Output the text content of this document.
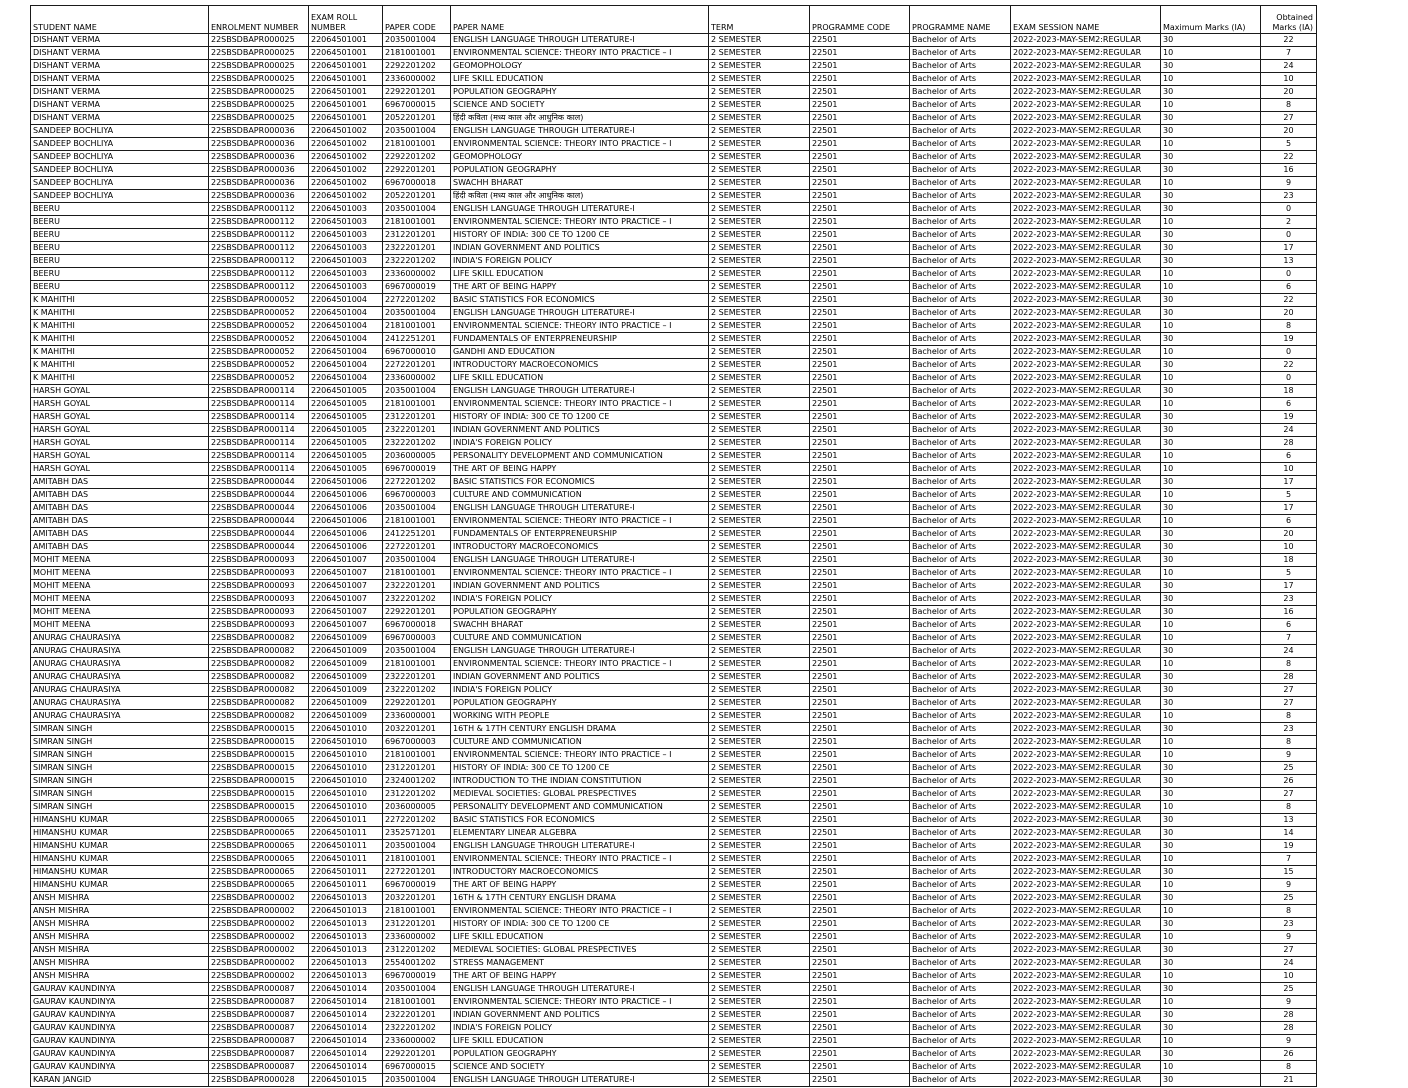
STUDENT NAME	ENROLMENT NUMBER	EXAM ROLL NUMBER	PAPER CODE	PAPER NAME	TERM	PROGRAMME CODE	PROGRAMME NAME	EXAM SESSION NAME	Maximum Marks (IA)	Obtained Marks (IA)
DISHANT VERMA	22SBSDBAPR000025	22064501001	2035001004	ENGLISH LANGUAGE THROUGH LITERATURE-I	2 SEMESTER	22501	Bachelor of Arts	2022-2023-MAY-SEM2:REGULAR	30	22
DISHANT VERMA	22SBSDBAPR000025	22064501001	2181001001	ENVIRONMENTAL SCIENCE: THEORY INTO PRACTICE – I	2 SEMESTER	22501	Bachelor of Arts	2022-2023-MAY-SEM2:REGULAR	10	7
DISHANT VERMA	22SBSDBAPR000025	22064501001	2292201202	GEOMOPHOLOGY	2 SEMESTER	22501	Bachelor of Arts	2022-2023-MAY-SEM2:REGULAR	30	24
DISHANT VERMA	22SBSDBAPR000025	22064501001	2336000002	LIFE SKILL EDUCATION	2 SEMESTER	22501	Bachelor of Arts	2022-2023-MAY-SEM2:REGULAR	10	10
DISHANT VERMA	22SBSDBAPR000025	22064501001	2292201201	POPULATION GEOGRAPHY	2 SEMESTER	22501	Bachelor of Arts	2022-2023-MAY-SEM2:REGULAR	30	20
DISHANT VERMA	22SBSDBAPR000025	22064501001	6967000015	SCIENCE AND SOCIETY	2 SEMESTER	22501	Bachelor of Arts	2022-2023-MAY-SEM2:REGULAR	10	8
DISHANT VERMA	22SBSDBAPR000025	22064501001	2052201201	हिंदी कविता (मध्य काल और आधुनिक काल)	2 SEMESTER	22501	Bachelor of Arts	2022-2023-MAY-SEM2:REGULAR	30	27
SANDEEP BOCHLIYA	22SBSDBAPR000036	22064501002	2035001004	ENGLISH LANGUAGE THROUGH LITERATURE-I	2 SEMESTER	22501	Bachelor of Arts	2022-2023-MAY-SEM2:REGULAR	30	20
SANDEEP BOCHLIYA	22SBSDBAPR000036	22064501002	2181001001	ENVIRONMENTAL SCIENCE: THEORY INTO PRACTICE – I	2 SEMESTER	22501	Bachelor of Arts	2022-2023-MAY-SEM2:REGULAR	10	5
SANDEEP BOCHLIYA	22SBSDBAPR000036	22064501002	2292201202	GEOMOPHOLOGY	2 SEMESTER	22501	Bachelor of Arts	2022-2023-MAY-SEM2:REGULAR	30	22
SANDEEP BOCHLIYA	22SBSDBAPR000036	22064501002	2292201201	POPULATION GEOGRAPHY	2 SEMESTER	22501	Bachelor of Arts	2022-2023-MAY-SEM2:REGULAR	30	16
SANDEEP BOCHLIYA	22SBSDBAPR000036	22064501002	6967000018	SWACHH BHARAT	2 SEMESTER	22501	Bachelor of Arts	2022-2023-MAY-SEM2:REGULAR	10	9
SANDEEP BOCHLIYA	22SBSDBAPR000036	22064501002	2052201201	हिंदी कविता (मध्य काल और आधुनिक काल)	2 SEMESTER	22501	Bachelor of Arts	2022-2023-MAY-SEM2:REGULAR	30	23
BEERU	22SBSDBAPR000112	22064501003	2035001004	ENGLISH LANGUAGE THROUGH LITERATURE-I	2 SEMESTER	22501	Bachelor of Arts	2022-2023-MAY-SEM2:REGULAR	30	0
BEERU	22SBSDBAPR000112	22064501003	2181001001	ENVIRONMENTAL SCIENCE: THEORY INTO PRACTICE – I	2 SEMESTER	22501	Bachelor of Arts	2022-2023-MAY-SEM2:REGULAR	10	2
BEERU	22SBSDBAPR000112	22064501003	2312201201	HISTORY OF INDIA: 300 CE TO 1200 CE	2 SEMESTER	22501	Bachelor of Arts	2022-2023-MAY-SEM2:REGULAR	30	0
BEERU	22SBSDBAPR000112	22064501003	2322201201	INDIAN GOVERNMENT AND POLITICS	2 SEMESTER	22501	Bachelor of Arts	2022-2023-MAY-SEM2:REGULAR	30	17
BEERU	22SBSDBAPR000112	22064501003	2322201202	INDIA'S FOREIGN POLICY	2 SEMESTER	22501	Bachelor of Arts	2022-2023-MAY-SEM2:REGULAR	30	13
BEERU	22SBSDBAPR000112	22064501003	2336000002	LIFE SKILL EDUCATION	2 SEMESTER	22501	Bachelor of Arts	2022-2023-MAY-SEM2:REGULAR	10	0
BEERU	22SBSDBAPR000112	22064501003	6967000019	THE ART OF BEING HAPPY	2 SEMESTER	22501	Bachelor of Arts	2022-2023-MAY-SEM2:REGULAR	10	6
K MAHITHI	22SBSDBAPR000052	22064501004	2272201202	BASIC STATISTICS FOR ECONOMICS	2 SEMESTER	22501	Bachelor of Arts	2022-2023-MAY-SEM2:REGULAR	30	22
K MAHITHI	22SBSDBAPR000052	22064501004	2035001004	ENGLISH LANGUAGE THROUGH LITERATURE-I	2 SEMESTER	22501	Bachelor of Arts	2022-2023-MAY-SEM2:REGULAR	30	20
K MAHITHI	22SBSDBAPR000052	22064501004	2181001001	ENVIRONMENTAL SCIENCE: THEORY INTO PRACTICE – I	2 SEMESTER	22501	Bachelor of Arts	2022-2023-MAY-SEM2:REGULAR	10	8
K MAHITHI	22SBSDBAPR000052	22064501004	2412251201	FUNDAMENTALS OF ENTERPRENEURSHIP	2 SEMESTER	22501	Bachelor of Arts	2022-2023-MAY-SEM2:REGULAR	30	19
K MAHITHI	22SBSDBAPR000052	22064501004	6967000010	GANDHI AND EDUCATION	2 SEMESTER	22501	Bachelor of Arts	2022-2023-MAY-SEM2:REGULAR	10	0
K MAHITHI	22SBSDBAPR000052	22064501004	2272201201	INTRODUCTORY MACROECONOMICS	2 SEMESTER	22501	Bachelor of Arts	2022-2023-MAY-SEM2:REGULAR	30	22
K MAHITHI	22SBSDBAPR000052	22064501004	2336000002	LIFE SKILL EDUCATION	2 SEMESTER	22501	Bachelor of Arts	2022-2023-MAY-SEM2:REGULAR	10	0
HARSH GOYAL	22SBSDBAPR000114	22064501005	2035001004	ENGLISH LANGUAGE THROUGH LITERATURE-I	2 SEMESTER	22501	Bachelor of Arts	2022-2023-MAY-SEM2:REGULAR	30	18
HARSH GOYAL	22SBSDBAPR000114	22064501005	2181001001	ENVIRONMENTAL SCIENCE: THEORY INTO PRACTICE – I	2 SEMESTER	22501	Bachelor of Arts	2022-2023-MAY-SEM2:REGULAR	10	6
HARSH GOYAL	22SBSDBAPR000114	22064501005	2312201201	HISTORY OF INDIA: 300 CE TO 1200 CE	2 SEMESTER	22501	Bachelor of Arts	2022-2023-MAY-SEM2:REGULAR	30	19
HARSH GOYAL	22SBSDBAPR000114	22064501005	2322201201	INDIAN GOVERNMENT AND POLITICS	2 SEMESTER	22501	Bachelor of Arts	2022-2023-MAY-SEM2:REGULAR	30	24
HARSH GOYAL	22SBSDBAPR000114	22064501005	2322201202	INDIA'S FOREIGN POLICY	2 SEMESTER	22501	Bachelor of Arts	2022-2023-MAY-SEM2:REGULAR	30	28
HARSH GOYAL	22SBSDBAPR000114	22064501005	2036000005	PERSONALITY DEVELOPMENT AND COMMUNICATION	2 SEMESTER	22501	Bachelor of Arts	2022-2023-MAY-SEM2:REGULAR	10	6
HARSH GOYAL	22SBSDBAPR000114	22064501005	6967000019	THE ART OF BEING HAPPY	2 SEMESTER	22501	Bachelor of Arts	2022-2023-MAY-SEM2:REGULAR	10	10
AMITABH DAS	22SBSDBAPR000044	22064501006	2272201202	BASIC STATISTICS FOR ECONOMICS	2 SEMESTER	22501	Bachelor of Arts	2022-2023-MAY-SEM2:REGULAR	30	17
AMITABH DAS	22SBSDBAPR000044	22064501006	6967000003	CULTURE AND COMMUNICATION	2 SEMESTER	22501	Bachelor of Arts	2022-2023-MAY-SEM2:REGULAR	10	5
AMITABH DAS	22SBSDBAPR000044	22064501006	2035001004	ENGLISH LANGUAGE THROUGH LITERATURE-I	2 SEMESTER	22501	Bachelor of Arts	2022-2023-MAY-SEM2:REGULAR	30	17
AMITABH DAS	22SBSDBAPR000044	22064501006	2181001001	ENVIRONMENTAL SCIENCE: THEORY INTO PRACTICE – I	2 SEMESTER	22501	Bachelor of Arts	2022-2023-MAY-SEM2:REGULAR	10	6
AMITABH DAS	22SBSDBAPR000044	22064501006	2412251201	FUNDAMENTALS OF ENTERPRENEURSHIP	2 SEMESTER	22501	Bachelor of Arts	2022-2023-MAY-SEM2:REGULAR	30	20
AMITABH DAS	22SBSDBAPR000044	22064501006	2272201201	INTRODUCTORY MACROECONOMICS	2 SEMESTER	22501	Bachelor of Arts	2022-2023-MAY-SEM2:REGULAR	30	10
MOHIT MEENA	22SBSDBAPR000093	22064501007	2035001004	ENGLISH LANGUAGE THROUGH LITERATURE-I	2 SEMESTER	22501	Bachelor of Arts	2022-2023-MAY-SEM2:REGULAR	30	18
MOHIT MEENA	22SBSDBAPR000093	22064501007	2181001001	ENVIRONMENTAL SCIENCE: THEORY INTO PRACTICE – I	2 SEMESTER	22501	Bachelor of Arts	2022-2023-MAY-SEM2:REGULAR	10	5
MOHIT MEENA	22SBSDBAPR000093	22064501007	2322201201	INDIAN GOVERNMENT AND POLITICS	2 SEMESTER	22501	Bachelor of Arts	2022-2023-MAY-SEM2:REGULAR	30	17
MOHIT MEENA	22SBSDBAPR000093	22064501007	2322201202	INDIA'S FOREIGN POLICY	2 SEMESTER	22501	Bachelor of Arts	2022-2023-MAY-SEM2:REGULAR	30	23
MOHIT MEENA	22SBSDBAPR000093	22064501007	2292201201	POPULATION GEOGRAPHY	2 SEMESTER	22501	Bachelor of Arts	2022-2023-MAY-SEM2:REGULAR	30	16
MOHIT MEENA	22SBSDBAPR000093	22064501007	6967000018	SWACHH BHARAT	2 SEMESTER	22501	Bachelor of Arts	2022-2023-MAY-SEM2:REGULAR	10	6
ANURAG CHAURASIYA	22SBSDBAPR000082	22064501009	6967000003	CULTURE AND COMMUNICATION	2 SEMESTER	22501	Bachelor of Arts	2022-2023-MAY-SEM2:REGULAR	10	7
ANURAG CHAURASIYA	22SBSDBAPR000082	22064501009	2035001004	ENGLISH LANGUAGE THROUGH LITERATURE-I	2 SEMESTER	22501	Bachelor of Arts	2022-2023-MAY-SEM2:REGULAR	30	24
ANURAG CHAURASIYA	22SBSDBAPR000082	22064501009	2181001001	ENVIRONMENTAL SCIENCE: THEORY INTO PRACTICE – I	2 SEMESTER	22501	Bachelor of Arts	2022-2023-MAY-SEM2:REGULAR	10	8
ANURAG CHAURASIYA	22SBSDBAPR000082	22064501009	2322201201	INDIAN GOVERNMENT AND POLITICS	2 SEMESTER	22501	Bachelor of Arts	2022-2023-MAY-SEM2:REGULAR	30	28
ANURAG CHAURASIYA	22SBSDBAPR000082	22064501009	2322201202	INDIA'S FOREIGN POLICY	2 SEMESTER	22501	Bachelor of Arts	2022-2023-MAY-SEM2:REGULAR	30	27
ANURAG CHAURASIYA	22SBSDBAPR000082	22064501009	2292201201	POPULATION GEOGRAPHY	2 SEMESTER	22501	Bachelor of Arts	2022-2023-MAY-SEM2:REGULAR	30	27
ANURAG CHAURASIYA	22SBSDBAPR000082	22064501009	2336000001	WORKING WITH PEOPLE	2 SEMESTER	22501	Bachelor of Arts	2022-2023-MAY-SEM2:REGULAR	10	8
SIMRAN SINGH	22SBSDBAPR000015	22064501010	2032201201	16TH & 17TH CENTURY ENGLISH DRAMA	2 SEMESTER	22501	Bachelor of Arts	2022-2023-MAY-SEM2:REGULAR	30	23
SIMRAN SINGH	22SBSDBAPR000015	22064501010	6967000003	CULTURE AND COMMUNICATION	2 SEMESTER	22501	Bachelor of Arts	2022-2023-MAY-SEM2:REGULAR	10	8
SIMRAN SINGH	22SBSDBAPR000015	22064501010	2181001001	ENVIRONMENTAL SCIENCE: THEORY INTO PRACTICE – I	2 SEMESTER	22501	Bachelor of Arts	2022-2023-MAY-SEM2:REGULAR	10	9
SIMRAN SINGH	22SBSDBAPR000015	22064501010	2312201201	HISTORY OF INDIA: 300 CE TO 1200 CE	2 SEMESTER	22501	Bachelor of Arts	2022-2023-MAY-SEM2:REGULAR	30	25
SIMRAN SINGH	22SBSDBAPR000015	22064501010	2324001202	INTRODUCTION TO THE INDIAN CONSTITUTION	2 SEMESTER	22501	Bachelor of Arts	2022-2023-MAY-SEM2:REGULAR	30	26
SIMRAN SINGH	22SBSDBAPR000015	22064501010	2312201202	MEDIEVAL SOCIETIES: GLOBAL PRESPECTIVES	2 SEMESTER	22501	Bachelor of Arts	2022-2023-MAY-SEM2:REGULAR	30	27
SIMRAN SINGH	22SBSDBAPR000015	22064501010	2036000005	PERSONALITY DEVELOPMENT AND COMMUNICATION	2 SEMESTER	22501	Bachelor of Arts	2022-2023-MAY-SEM2:REGULAR	10	8
HIMANSHU KUMAR	22SBSDBAPR000065	22064501011	2272201202	BASIC STATISTICS FOR ECONOMICS	2 SEMESTER	22501	Bachelor of Arts	2022-2023-MAY-SEM2:REGULAR	30	13
HIMANSHU KUMAR	22SBSDBAPR000065	22064501011	2352571201	ELEMENTARY LINEAR ALGEBRA	2 SEMESTER	22501	Bachelor of Arts	2022-2023-MAY-SEM2:REGULAR	30	14
HIMANSHU KUMAR	22SBSDBAPR000065	22064501011	2035001004	ENGLISH LANGUAGE THROUGH LITERATURE-I	2 SEMESTER	22501	Bachelor of Arts	2022-2023-MAY-SEM2:REGULAR	30	19
HIMANSHU KUMAR	22SBSDBAPR000065	22064501011	2181001001	ENVIRONMENTAL SCIENCE: THEORY INTO PRACTICE – I	2 SEMESTER	22501	Bachelor of Arts	2022-2023-MAY-SEM2:REGULAR	10	7
HIMANSHU KUMAR	22SBSDBAPR000065	22064501011	2272201201	INTRODUCTORY MACROECONOMICS	2 SEMESTER	22501	Bachelor of Arts	2022-2023-MAY-SEM2:REGULAR	30	15
HIMANSHU KUMAR	22SBSDBAPR000065	22064501011	6967000019	THE ART OF BEING HAPPY	2 SEMESTER	22501	Bachelor of Arts	2022-2023-MAY-SEM2:REGULAR	10	9
ANSH MISHRA	22SBSDBAPR000002	22064501013	2032201201	16TH & 17TH CENTURY ENGLISH DRAMA	2 SEMESTER	22501	Bachelor of Arts	2022-2023-MAY-SEM2:REGULAR	30	25
ANSH MISHRA	22SBSDBAPR000002	22064501013	2181001001	ENVIRONMENTAL SCIENCE: THEORY INTO PRACTICE – I	2 SEMESTER	22501	Bachelor of Arts	2022-2023-MAY-SEM2:REGULAR	10	8
ANSH MISHRA	22SBSDBAPR000002	22064501013	2312201201	HISTORY OF INDIA: 300 CE TO 1200 CE	2 SEMESTER	22501	Bachelor of Arts	2022-2023-MAY-SEM2:REGULAR	30	23
ANSH MISHRA	22SBSDBAPR000002	22064501013	2336000002	LIFE SKILL EDUCATION	2 SEMESTER	22501	Bachelor of Arts	2022-2023-MAY-SEM2:REGULAR	10	9
ANSH MISHRA	22SBSDBAPR000002	22064501013	2312201202	MEDIEVAL SOCIETIES: GLOBAL PRESPECTIVES	2 SEMESTER	22501	Bachelor of Arts	2022-2023-MAY-SEM2:REGULAR	30	27
ANSH MISHRA	22SBSDBAPR000002	22064501013	2554001202	STRESS MANAGEMENT	2 SEMESTER	22501	Bachelor of Arts	2022-2023-MAY-SEM2:REGULAR	30	24
ANSH MISHRA	22SBSDBAPR000002	22064501013	6967000019	THE ART OF BEING HAPPY	2 SEMESTER	22501	Bachelor of Arts	2022-2023-MAY-SEM2:REGULAR	10	10
GAURAV KAUNDINYA	22SBSDBAPR000087	22064501014	2035001004	ENGLISH LANGUAGE THROUGH LITERATURE-I	2 SEMESTER	22501	Bachelor of Arts	2022-2023-MAY-SEM2:REGULAR	30	25
GAURAV KAUNDINYA	22SBSDBAPR000087	22064501014	2181001001	ENVIRONMENTAL SCIENCE: THEORY INTO PRACTICE – I	2 SEMESTER	22501	Bachelor of Arts	2022-2023-MAY-SEM2:REGULAR	10	9
GAURAV KAUNDINYA	22SBSDBAPR000087	22064501014	2322201201	INDIAN GOVERNMENT AND POLITICS	2 SEMESTER	22501	Bachelor of Arts	2022-2023-MAY-SEM2:REGULAR	30	28
GAURAV KAUNDINYA	22SBSDBAPR000087	22064501014	2322201202	INDIA'S FOREIGN POLICY	2 SEMESTER	22501	Bachelor of Arts	2022-2023-MAY-SEM2:REGULAR	30	28
GAURAV KAUNDINYA	22SBSDBAPR000087	22064501014	2336000002	LIFE SKILL EDUCATION	2 SEMESTER	22501	Bachelor of Arts	2022-2023-MAY-SEM2:REGULAR	10	9
GAURAV KAUNDINYA	22SBSDBAPR000087	22064501014	2292201201	POPULATION GEOGRAPHY	2 SEMESTER	22501	Bachelor of Arts	2022-2023-MAY-SEM2:REGULAR	30	26
GAURAV KAUNDINYA	22SBSDBAPR000087	22064501014	6967000015	SCIENCE AND SOCIETY	2 SEMESTER	22501	Bachelor of Arts	2022-2023-MAY-SEM2:REGULAR	10	8
KARAN JANGID	22SBSDBAPR000028	22064501015	2035001004	ENGLISH LANGUAGE THROUGH LITERATURE-I	2 SEMESTER	22501	Bachelor of Arts	2022-2023-MAY-SEM2:REGULAR	30	21
